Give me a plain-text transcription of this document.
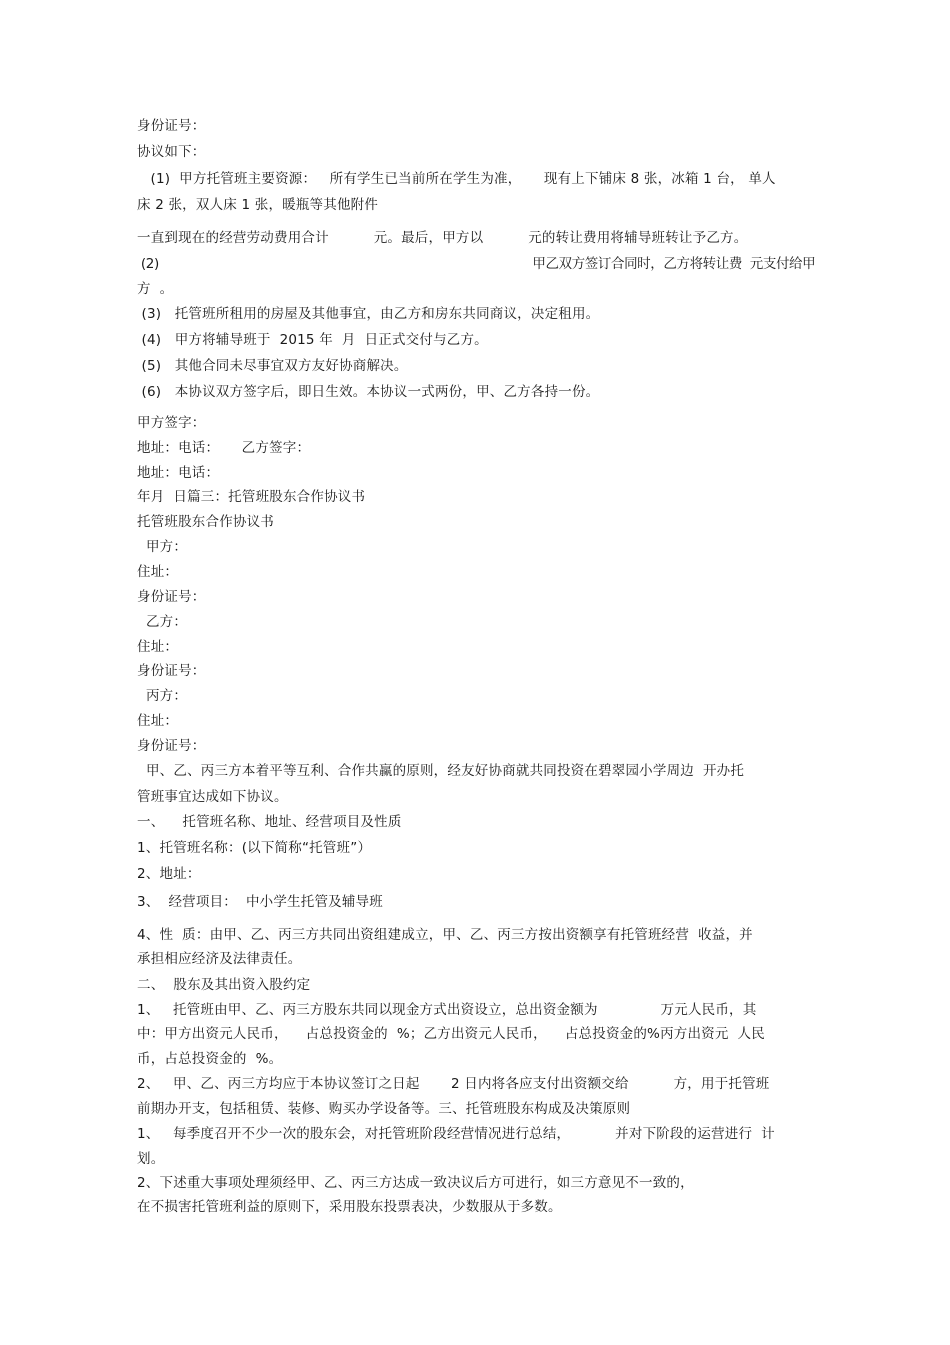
身份证号：
协议如下：
(1)  甲方托管班主要资源：   所有学生已当前所在学生为准，     现有上下铺床 8 张，冰箱 1 台， 单人
床 2 张，双人床 1 张，暖瓶等其他附件
一直到现在的经营劳动费用合计          元。最后，甲方以          元的转让费用将辅导班转让予乙方。
(2)                                                                                                甲乙双方签订合同时，乙方将转让费  元支付给甲
方  。
(3)   托管班所租用的房屋及其他事宜，由乙方和房东共同商议，决定租用。
(4)   甲方将辅导班于  2015 年  月  日正式交付与乙方。
(5)   其他合同未尽事宜双方友好协商解决。
(6)   本协议双方签字后，即日生效。本协议一式两份，甲、乙方各持一份。
甲方签字：
地址：电话：     乙方签字：
地址：电话：
年月  日篇三：托管班股东合作协议书
托管班股东合作协议书
甲方：
住址：
身份证号：
乙方：
住址：
身份证号：
丙方：
住址：
身份证号：
甲、乙、丙三方本着平等互利、合作共赢的原则，经友好协商就共同投资在碧翠园小学周边  开办托
管班事宜达成如下协议。
一、    托管班名称、地址、经营项目及性质
1、托管班名称：(以下简称“托管班”）
2、地址：
3、  经营项目：  中小学生托管及辅导班
4、性  质：由甲、乙、丙三方共同出资组建成立，甲、乙、丙三方按出资额享有托管班经营  收益，并
承担相应经济及法律责任。
二、  股东及其出资入股约定
1、   托管班由甲、乙、丙三方股东共同以现金方式出资设立，总出资金额为              万元人民币，其
中：甲方出资元人民币，    占总投资金的  %；乙方出资元人民币，    占总投资金的%丙方出资元  人民
币，占总投资金的  %。
2、   甲、乙、丙三方均应于本协议签订之日起       2 日内将各应支付出资额交给          方，用于托管班
前期办开支，包括租赁、装修、购买办学设备等。三、托管班股东构成及决策原则
1、   每季度召开不少一次的股东会，对托管班阶段经营情况进行总结，          并对下阶段的运营进行  计
划。
2、下述重大事项处理须经甲、乙、丙三方达成一致决议后方可进行，如三方意见不一致的，
在不损害托管班利益的原则下，采用股东投票表决，少数服从于多数。
